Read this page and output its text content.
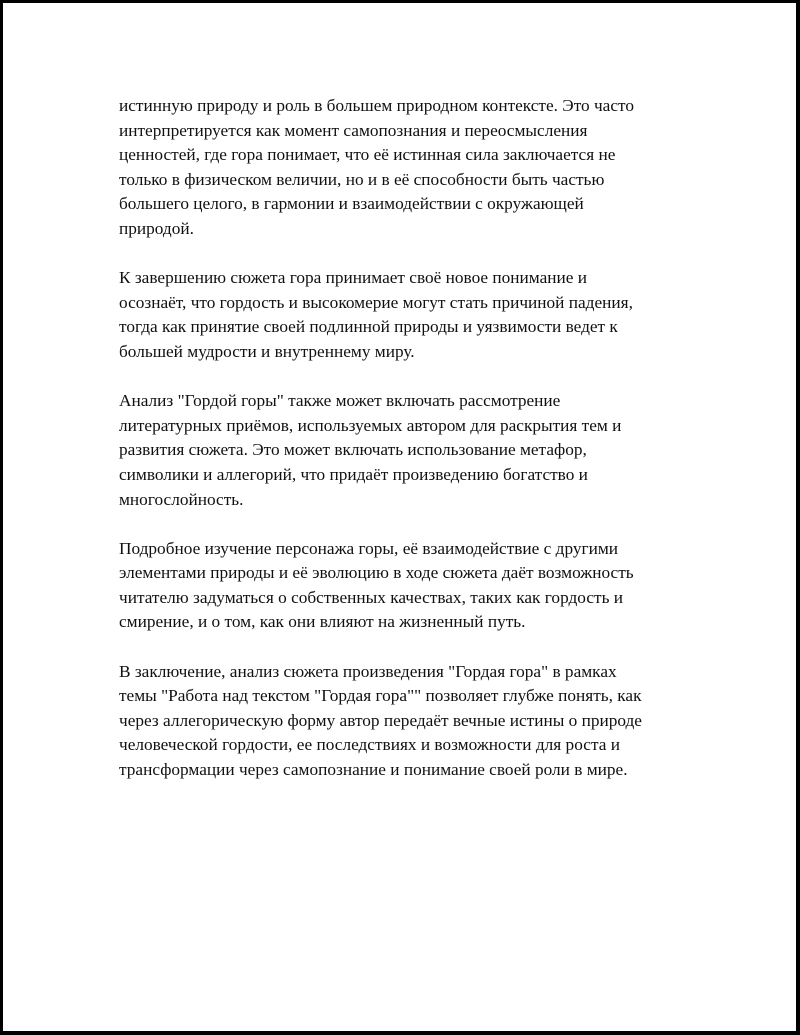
истинную природу и роль в большем природном контексте. Это часто
интерпретируется как момент самопознания и переосмысления
ценностей, где гора понимает, что её истинная сила заключается не
только в физическом величии, но и в её способности быть частью
большего целого, в гармонии и взаимодействии с окружающей
природой.

К завершению сюжета гора принимает своё новое понимание и
осознаёт, что гордость и высокомерие могут стать причиной падения,
тогда как принятие своей подлинной природы и уязвимости ведет к
большей мудрости и внутреннему миру.

Анализ "Гордой горы" также может включать рассмотрение
литературных приёмов, используемых автором для раскрытия тем и
развития сюжета. Это может включать использование метафор,
символики и аллегорий, что придаёт произведению богатство и
многослойность.

Подробное изучение персонажа горы, её взаимодействие с другими
элементами природы и её эволюцию в ходе сюжета даёт возможность
читателю задуматься о собственных качествах, таких как гордость и
смирение, и о том, как они влияют на жизненный путь.

В заключение, анализ сюжета произведения "Гордая гора" в рамках
темы "Работа над текстом "Гордая гора"" позволяет глубже понять, как
через аллегорическую форму автор передаёт вечные истины о природе
человеческой гордости, ее последствиях и возможности для роста и
трансформации через самопознание и понимание своей роли в мире.
